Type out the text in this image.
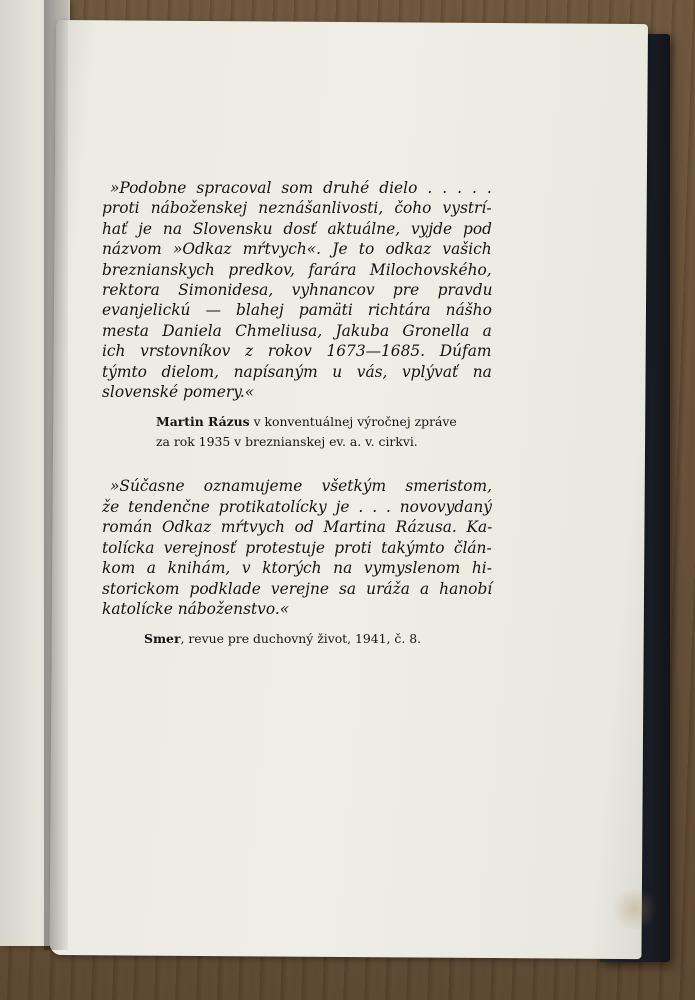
»Podobne spracoval som druhé dielo . . . . .
proti náboženskej neznášanlivosti, čoho vystrí-
hať je na Slovensku dosť aktuálne, vyjde pod
názvom »Odkaz mŕtvych«. Je to odkaz vašich
breznianskych predkov, farára Milochovského,
rektora Simonidesa, vyhnancov pre pravdu
evanjelickú — blahej pamäti richtára nášho
mesta Daniela Chmeliusa, Jakuba Gronella a
ich vrstovníkov z rokov 1673—1685. Dúfam
týmto dielom, napísaným u vás, vplývať na
slovenské pomery.«
Martin Rázus v konventuálnej výročnej zpráve
za rok 1935 v breznianskej ev. a. v. cirkvi.
»Súčasne oznamujeme všetkým smeristom,
že tendenčne protikatolícky je . . . novovydaný
román Odkaz mŕtvych od Martina Rázusa. Ka-
tolícka verejnosť protestuje proti takýmto člán-
kom a knihám, v ktorých na vymyslenom hi-
storickom podklade verejne sa uráža a hanobí
katolícke náboženstvo.«
Smer, revue pre duchovný život, 1941, č. 8.
